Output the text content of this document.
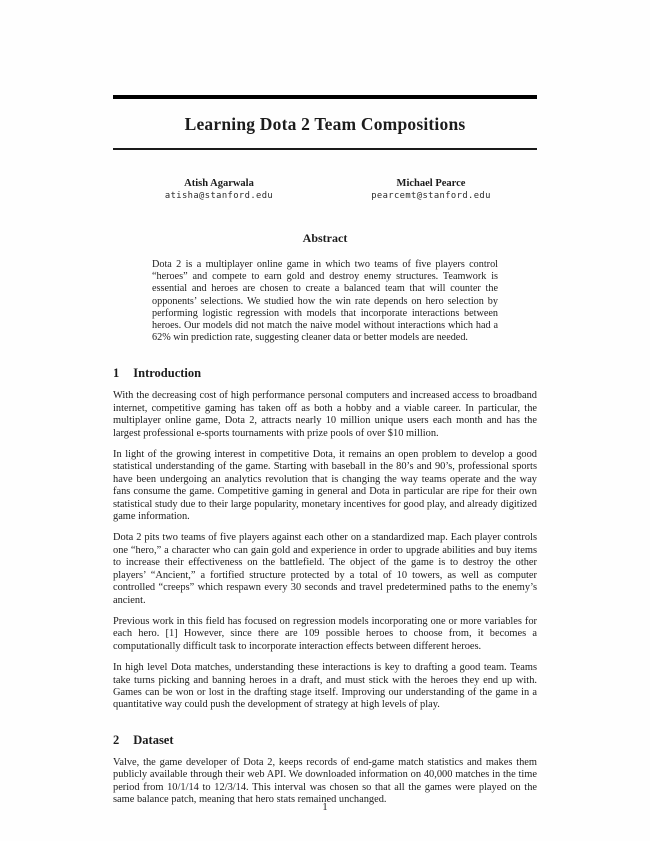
Learning Dota 2 Team Compositions
Atish Agarwala
atisha@stanford.edu
Michael Pearce
pearcemt@stanford.edu
Abstract

Dota 2 is a multiplayer online game in which two teams of five players control “heroes” and compete to earn gold and destroy enemy structures. Teamwork is essential and heroes are chosen to create a balanced team that will counter the opponents’ selections. We studied how the win rate depends on hero selection by performing logistic regression with models that incorporate interactions between heroes. Our models did not match the naive model without interactions which had a 62% win prediction rate, suggesting cleaner data or better models are needed.

1 Introduction

With the decreasing cost of high performance personal computers and increased access to broadband internet, competitive gaming has taken off as both a hobby and a viable career. In particular, the multiplayer online game, Dota 2, attracts nearly 10 million unique users each month and has the largest professional e-sports tournaments with prize pools of over $10 million.

In light of the growing interest in competitive Dota, it remains an open problem to develop a good statistical understanding of the game. Starting with baseball in the 80’s and 90’s, professional sports have been undergoing an analytics revolution that is changing the way teams operate and the way fans consume the game. Competitive gaming in general and Dota in particular are ripe for their own statistical study due to their large popularity, monetary incentives for good play, and already digitized game information.

Dota 2 pits two teams of five players against each other on a standardized map. Each player controls one “hero,” a character who can gain gold and experience in order to upgrade abilities and buy items to increase their effectiveness on the battlefield. The object of the game is to destroy the other players’ “Ancient,” a fortified structure protected by a total of 10 towers, as well as computer controlled “creeps” which respawn every 30 seconds and travel predetermined paths to the enemy’s ancient.

Previous work in this field has focused on regression models incorporating one or more variables for each hero. [1] However, since there are 109 possible heroes to choose from, it becomes a computationally difficult task to incorporate interaction effects between different heroes.

In high level Dota matches, understanding these interactions is key to drafting a good team. Teams take turns picking and banning heroes in a draft, and must stick with the heroes they end up with. Games can be won or lost in the drafting stage itself. Improving our understanding of the game in a quantitative way could push the development of strategy at high levels of play.

2 Dataset

Valve, the game developer of Dota 2, keeps records of end-game match statistics and makes them publicly available through their web API. We downloaded information on 40,000 matches in the time period from 10/1/14 to 12/3/14. This interval was chosen so that all the games were played on the same balance patch, meaning that hero stats remained unchanged.

1
